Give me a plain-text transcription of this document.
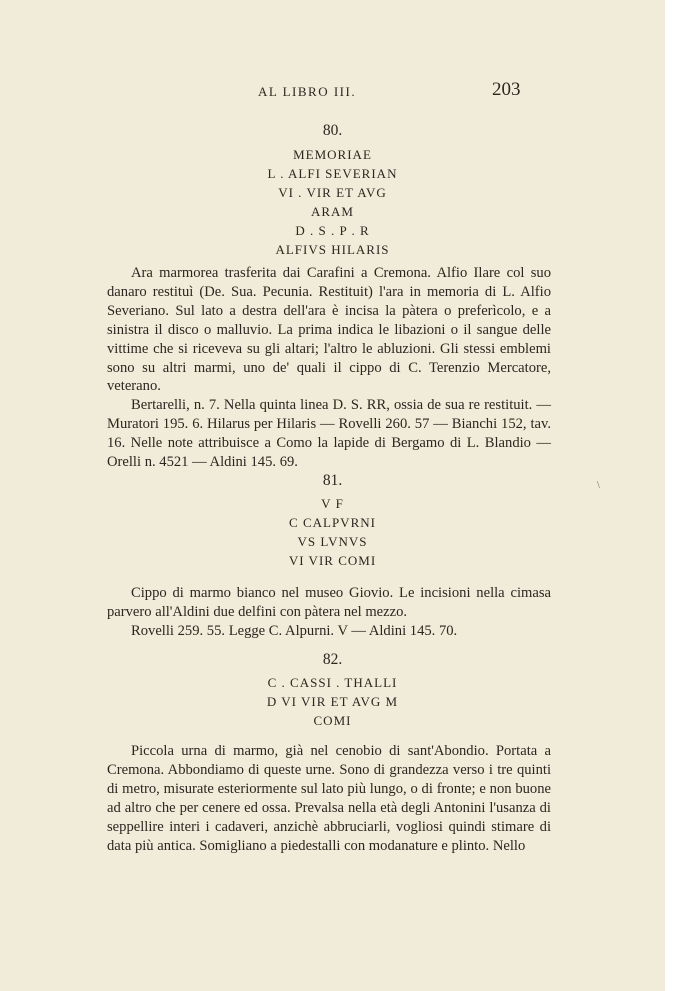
AL LIBRO III.	203
80.
MEMORIAE
L . ALFI SEVERIAN
VI . VIR ET AVG
ARAM
D . S . P . R
ALFIVS HILARIS

Ara marmorea trasferita dai Carafini a Cremona. Alfio Ilare col suo danaro restituì (De. Sua. Pecunia. Restituit) l'ara in memoria di L. Alfio Severiano. Sul lato a destra dell'ara è incisa la pàtera o preferìcolo, e a sinistra il disco o malluvio. La prima indica le libazioni o il sangue delle vittime che si riceveva su gli altari; l'altro le abluzioni. Gli stessi emblemi sono su altri marmi, uno de' quali il cippo di C. Terenzio Mercatore, veterano.

Bertarelli, n. 7. Nella quinta linea D. S. RR, ossia de sua re restituit. — Muratori 195. 6. Hilarus per Hilaris — Rovelli 260. 57 — Bianchi 152, tav. 16. Nelle note attribuisce a Como la lapide di Bergamo di L. Blandio — Orelli n. 4521 — Aldini 145. 69.

81.
V F
C CALPVRNI
VS LVNVS
VI VIR COMI

Cippo di marmo bianco nel museo Giovio. Le incisioni nella cimasa parvero all'Aldini due delfini con pàtera nel mezzo.

Rovelli 259. 55. Legge C. Alpurni. V — Aldini 145. 70.

82.
C . CASSI . THALLI
D VI VIR ET AVG M
COMI

Piccola urna di marmo, già nel cenobio di sant'Abondio. Portata a Cremona. Abbondiamo di queste urne. Sono di grandezza verso i tre quinti di metro, misurate esteriormente sul lato più lungo, o di fronte; e non buone ad altro che per cenere ed ossa. Prevalsa nella età degli Antonini l'usanza di seppellire interi i cadaveri, anzichè abbruciarli, vogliosi quindi stimare di data più antica. Somigliano a piedestalli con modanature e plinto. Nello

\
